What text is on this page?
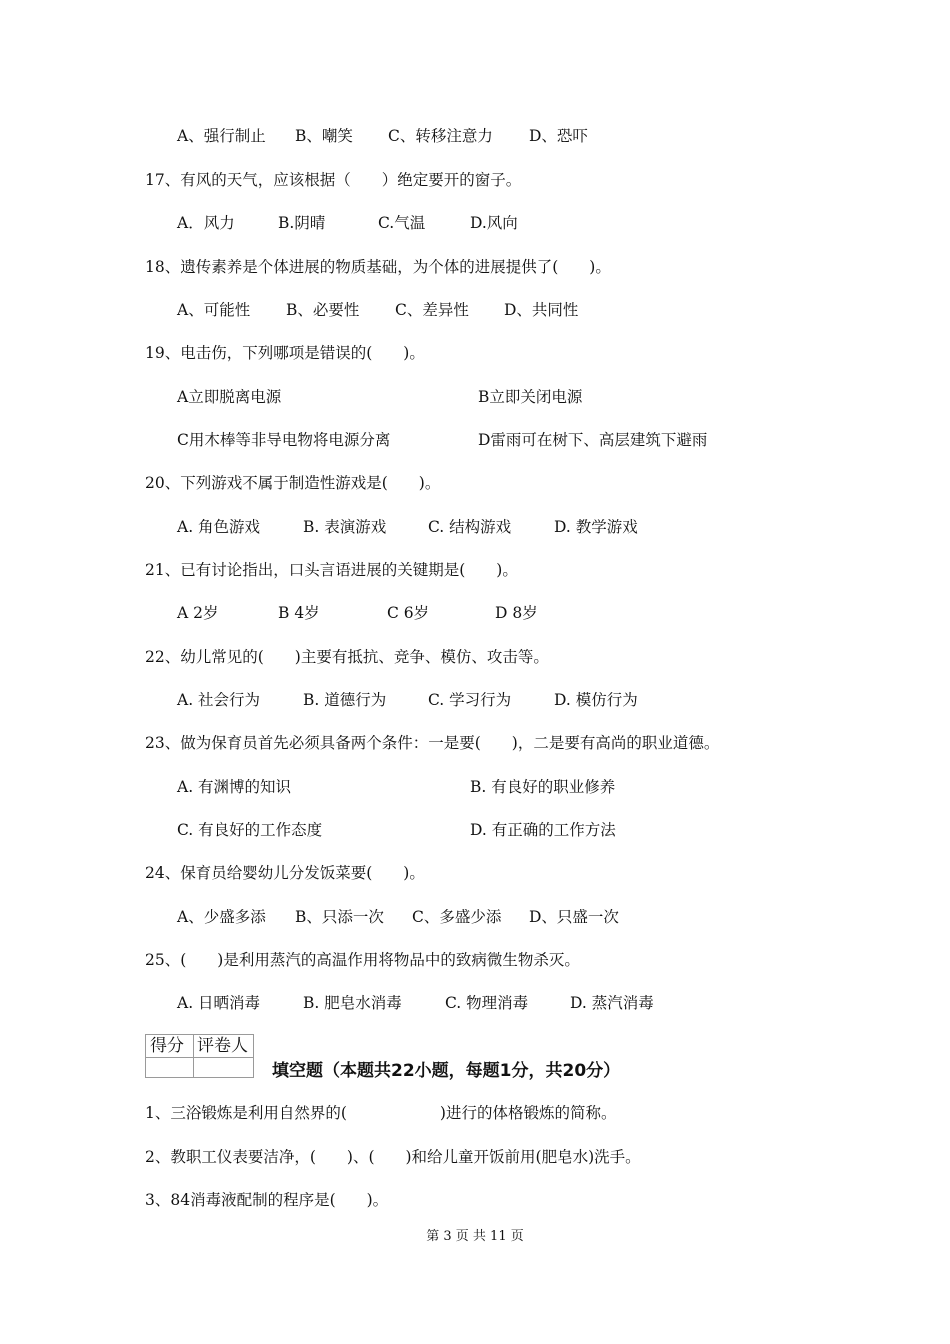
A、强行制止 B、嘲笑 C、转移注意力 D、恐吓
17、有风的天气，应该根据（　　）绝定要开的窗子。
A．风力	B.阴晴	C.气温	D.风向
18、遗传素养是个体进展的物质基础，为个体的进展提供了(　　)。
A、可能性 B、必要性 C、差异性 D、共同性
19、电击伤，下列哪项是错误的(　　)。
A立即脱离电源	B立即关闭电源
C用木棒等非导电物将电源分离	D雷雨可在树下、高层建筑下避雨
20、下列游戏不属于制造性游戏是(　　)。
A. 角色游戏	B. 表演游戏	C. 结构游戏	D. 教学游戏
21、已有讨论指出，口头言语进展的关键期是(　　)。
A 2岁	B 4岁	C 6岁	D 8岁
22、幼儿常见的(　　)主要有抵抗、竞争、模仿、攻击等。
A. 社会行为	B. 道德行为	C. 学习行为	D. 模仿行为
23、做为保育员首先必须具备两个条件：一是要(　　)，二是要有高尚的职业道德。
A. 有渊博的知识	B. 有良好的职业修养
C. 有良好的工作态度	D. 有正确的工作方法
24、保育员给婴幼儿分发饭菜要(　　)。
A、少盛多添 B、只添一次 C、多盛少添 D、只盛一次
25、(　　)是利用蒸汽的高温作用将物品中的致病微生物杀灭。
A. 日晒消毒	B. 肥皂水消毒	C. 物理消毒	D. 蒸汽消毒
得分 评卷人
填空题（本题共22小题，每题1分，共20分）
1、三浴锻炼是利用自然界的(　　　　　　)进行的体格锻炼的简称。
2、教职工仪表要洁净，(　　)、(　　)和给儿童开饭前用(肥皂水)洗手。
3、84消毒液配制的程序是(　　)。
第 3 页 共 11 页
